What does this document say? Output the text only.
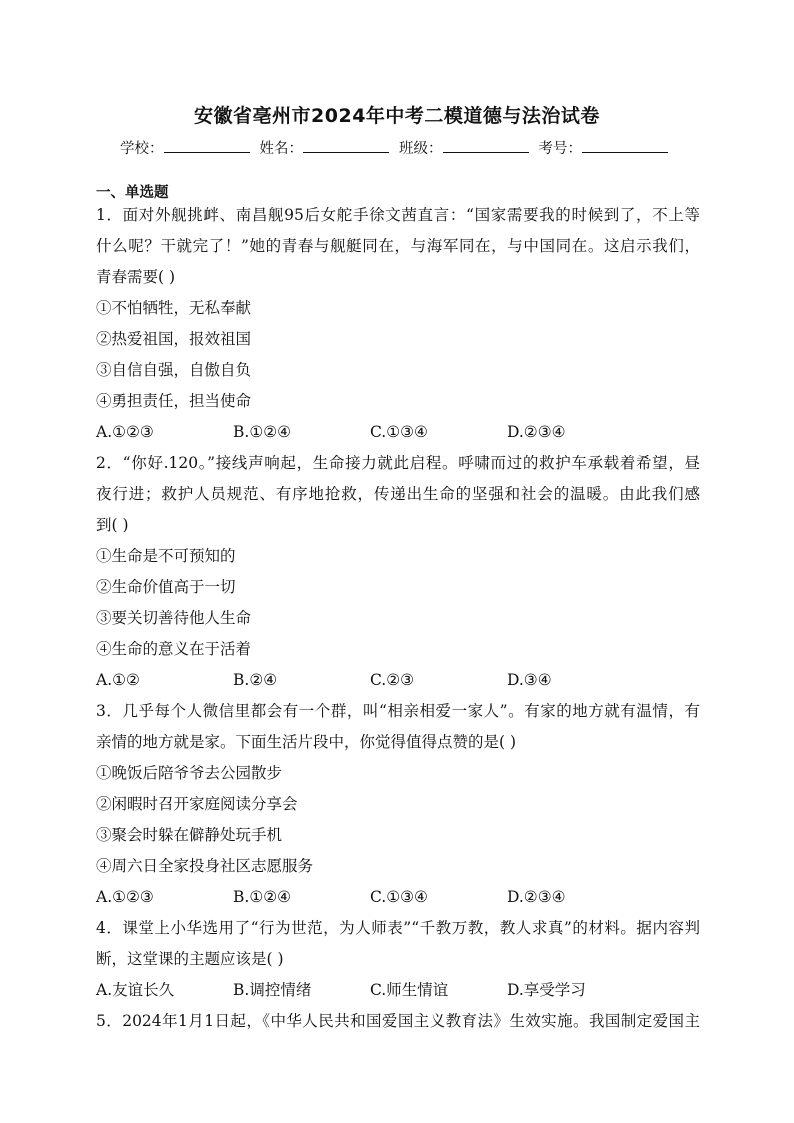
安徽省亳州市2024年中考二模道德与法治试卷
学校：	姓名：	班级：	考号：
一、单选题
1．面对外舰挑衅、南昌舰95后女舵手徐文茜直言：“国家需要我的时候到了，不上等
什么呢？干就完了！”她的青春与舰艇同在，与海军同在，与中国同在。这启示我们，
青春需要( )
①不怕牺牲，无私奉献
②热爱祖国，报效祖国
③自信自强，自傲自负
④勇担责任，担当使命
A.①②③	B.①②④	C.①③④	D.②③④
2．“你好.120。”接线声响起，生命接力就此启程。呼啸而过的救护车承载着希望，昼
夜行进；救护人员规范、有序地抢救，传递出生命的坚强和社会的温暖。由此我们感
到( )
①生命是不可预知的
②生命价值高于一切
③要关切善待他人生命
④生命的意义在于活着
A.①②	B.②④	C.②③	D.③④
3．几乎每个人微信里都会有一个群，叫“相亲相爱一家人”。有家的地方就有温情，有
亲情的地方就是家。下面生活片段中，你觉得值得点赞的是( )
①晚饭后陪爷爷去公园散步
②闲暇时召开家庭阅读分享会
③聚会时躲在僻静处玩手机
④周六日全家投身社区志愿服务
A.①②③	B.①②④	C.①③④	D.②③④
4．课堂上小华选用了“行为世范，为人师表”“千教万教，教人求真”的材料。据内容判
断，这堂课的主题应该是( )
A.友谊长久	B.调控情绪	C.师生情谊	D.享受学习
5．2024年1月1日起，《中华人民共和国爱国主义教育法》生效实施。我国制定爱国主
